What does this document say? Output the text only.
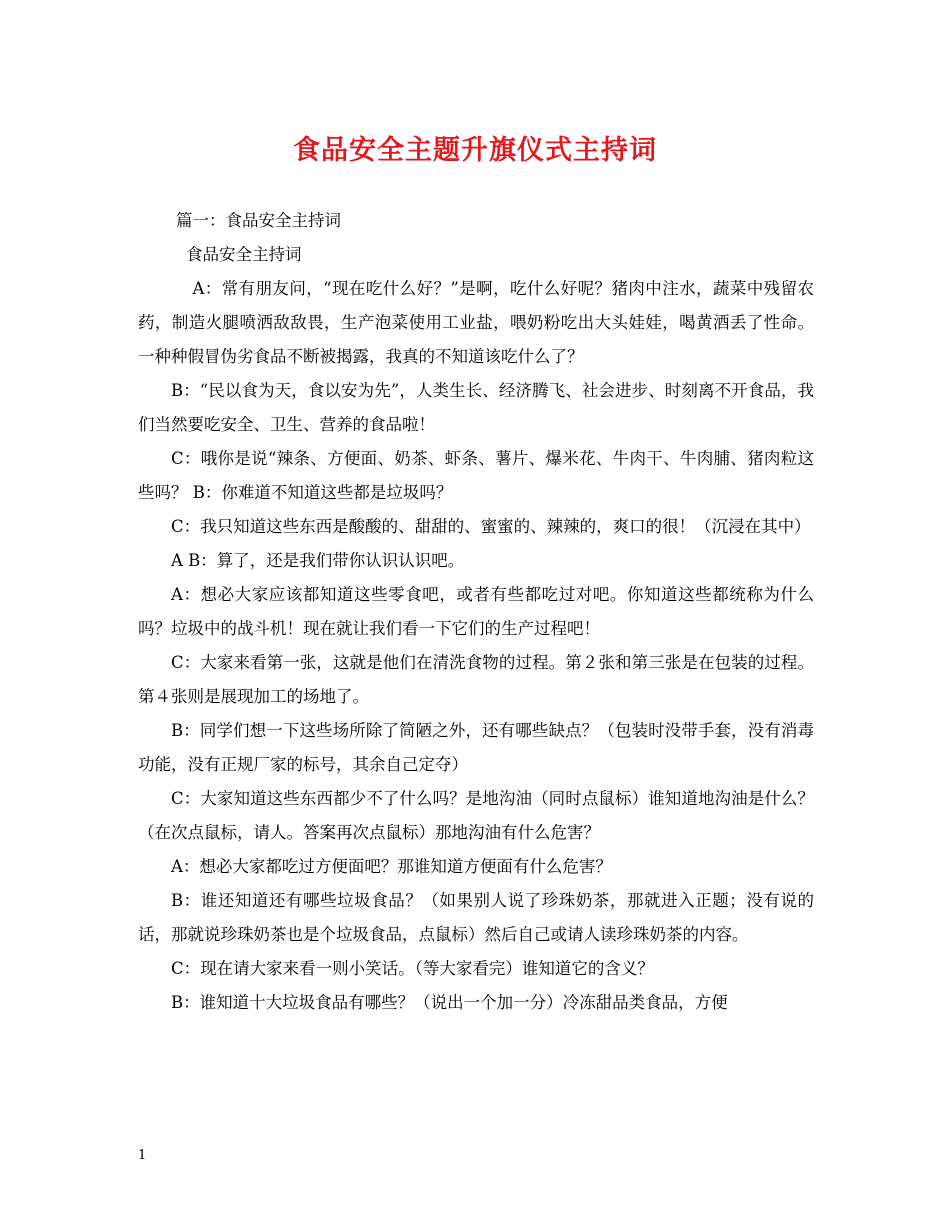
食品安全主题升旗仪式主持词

篇一：食品安全主持词

食品安全主持词

A：常有朋友问，“现在吃什么好？”是啊，吃什么好呢？猪肉中注水，蔬菜中残留农药，制造火腿喷洒敌敌畏，生产泡菜使用工业盐，喂奶粉吃出大头娃娃，喝黄酒丢了性命。一种种假冒伪劣食品不断被揭露，我真的不知道该吃什么了？

B：“民以食为天，食以安为先”，人类生长、经济腾飞、社会进步、时刻离不开食品，我们当然要吃安全、卫生、营养的食品啦！

C：哦你是说“辣条、方便面、奶茶、虾条、薯片、爆米花、牛肉干、牛肉脯、猪肉粒这些吗？ B：你难道不知道这些都是垃圾吗？

C：我只知道这些东西是酸酸的、甜甜的、蜜蜜的、辣辣的，爽口的很！（沉浸在其中）

A B：算了，还是我们带你认识认识吧。

A：想必大家应该都知道这些零食吧，或者有些都吃过对吧。你知道这些都统称为什么吗？垃圾中的战斗机！现在就让我们看一下它们的生产过程吧！

C：大家来看第一张，这就是他们在清洗食物的过程。第２张和第三张是在包装的过程。第４张则是展现加工的场地了。

B：同学们想一下这些场所除了简陋之外，还有哪些缺点？（包装时没带手套，没有消毒功能，没有正规厂家的标号，其余自己定夺）

C：大家知道这些东西都少不了什么吗？是地沟油（同时点鼠标）谁知道地沟油是什么？（在次点鼠标，请人。答案再次点鼠标）那地沟油有什么危害？

A：想必大家都吃过方便面吧？那谁知道方便面有什么危害？

B：谁还知道还有哪些垃圾食品？（如果别人说了珍珠奶茶，那就进入正题；没有说的话，那就说珍珠奶茶也是个垃圾食品，点鼠标）然后自己或请人读珍珠奶茶的内容。

C：现在请大家来看一则小笑话。（等大家看完）谁知道它的含义？

B：谁知道十大垃圾食品有哪些？（说出一个加一分）冷冻甜品类食品，方便

1
